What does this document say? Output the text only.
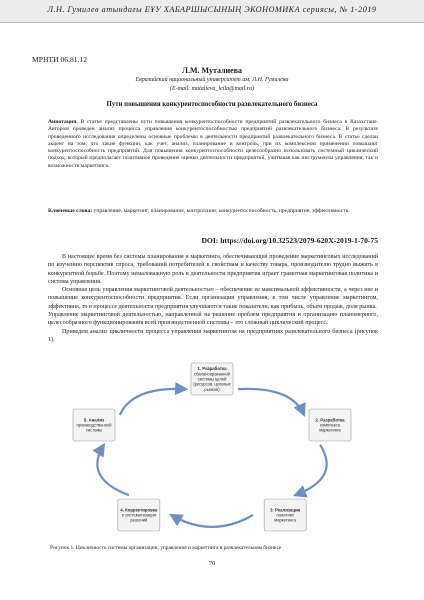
Л.Н. Гумилев атындағы ЕҰУ ХАБАРШЫСЫНЫҢ ЭКОНОМИКА сериясы, № 1-2019
МРНТИ 06.81.12
Л.М. Муталиева
Евразийский национальный университет им. Л.Н. Гумилева
(E-mail: mutalieva_leila@mail.ru)
Пути повышения конкурентоспособности развлекательного бизнеса
Аннотация. В статье представлены пути повышения конкурентоспособности предприятий развлекательного бизнеса в Казахстане. Автором проведен анализ процесса управления конкурентоспособностью предприятий развлекательного бизнеса. В результате проведенного исследования определены основные проблемы в деятельности предприятий развлекательного бизнеса. В статье сделан акцент на том, что такие функции, как учет, анализ, планирование и контроль, при их комплексном применении повышают конкурентоспособность предприятий. Для повышения конкурентоспособности целесообразно использовать системный циклический подход, который предполагает позитивное проведение оценки деятельности предприятий, учитывая как инструменты управления, так и возможности маркетинга.
Ключевые слова: управление, маркетинг, планирование, контроллинг, конкурентоспособность, предприятие, эффективность.
DOI: https://doi.org/10.32523/2079-620X-2019-1-70-75

В настоящее время без системы планирования и маркетинга, обеспечивающей проведение маркетинговых исследований по изучению перспектив спроса, требований потребителей к свойствам и качеству товара, производителю трудно выжить в конкурентной борьбе. Поэтому немаловажную роль в деятельности предприятия играет грамотная маркетинговая политика и система управления.

Основная цель управления маркетинговой деятельностью – обеспечение ее максимальной эффективности, а через нее и повышение конкурентоспособности предприятия. Если организация управления, в том числе управление маркетингом, эффективна, то в процессе деятельности предприятия улучшаются такие показатели, как прибыль, объем продаж, доля рынка.

Управление маркетинговой деятельностью, направленной на решение проблем предприятия и организацию планомерного, целесообразного функционирования всей производственной системы – это сложный циклический процесс.

Приведем анализ цикличности процесса управления маркетингом на предприятиях развлекательного бизнеса (рисунок 1).

1. Разработка
сбалансированной
системы целей
(ресурсов, целевых
рынков)
2. Разработка
комплекса
маркетинга
3. Реализация
политики
маркетинга
4. Корректировка
и систематизация
решений
5. Анализ
производственной
системы
Рисунок 1. Цикличность системы организации, управления и маркетинга в развлекательном бизнесе
70
